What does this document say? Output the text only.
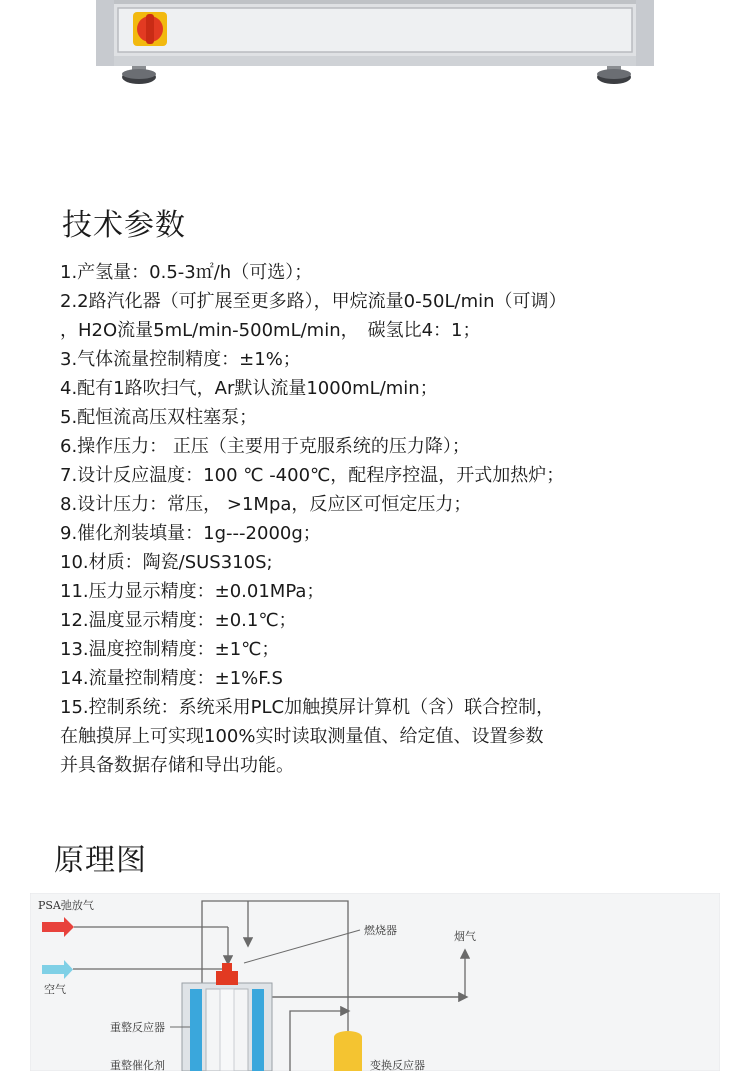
技术参数
1.产氢量：0.5-3㎡/h（可选）；
2.2路汽化器（可扩展至更多路），甲烷流量0-50L/min（可调）
，H2O流量5mL/min-500mL/min，　碳氢比4：1；
3.气体流量控制精度：±1%；
4.配有1路吹扫气，Ar默认流量1000mL/min；
5.配恒流高压双柱塞泵；
6.操作压力： 正压（主要用于克服系统的压力降）；
7.设计反应温度：100 ℃ -400℃，配程序控温，开式加热炉；
8.设计压力：常压， >1Mpa，反应区可恒定压力；
9.催化剂装填量：1g---2000g；
10.材质：陶瓷/SUS310S;
11.压力显示精度：±0.01MPa；
12.温度显示精度：±0.1℃；
13.温度控制精度：±1℃；
14.流量控制精度：±1%F.S
15.控制系统：系统采用PLC加触摸屏计算机（含）联合控制，
在触摸屏上可实现100%实时读取测量值、给定值、设置参数
并具备数据存储和导出功能。
原理图
PSA弛放气
空气
燃烧器	烟气
重整反应器
重整催化剂	变换反应器
